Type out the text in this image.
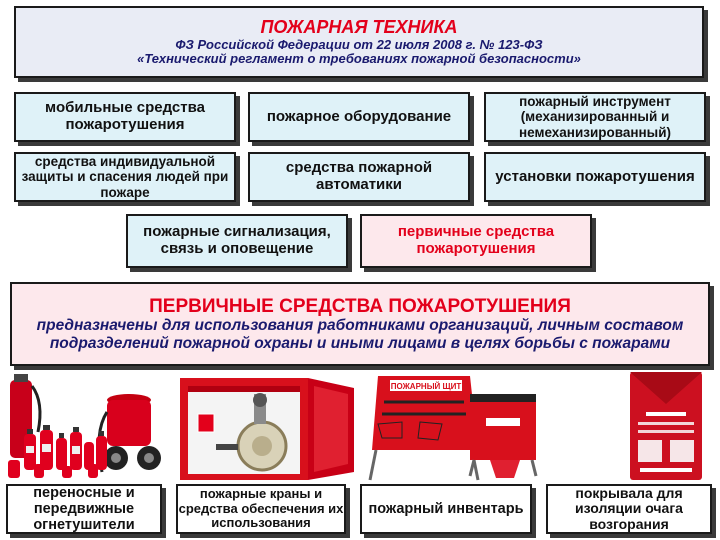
ПОЖАРНАЯ ТЕХНИКА
ФЗ Российской Федерации от 22 июля 2008 г. № 123-ФЗ
«Технический регламент о требованиях пожарной безопасности»
мобильные средства пожаротушения	пожарное оборудование
пожарный инструмент (механизированный и немеханизированный)
средства индивидуальной защиты и спасения людей при пожаре
средства пожарной автоматики	установки пожаротушения
пожарные сигнализация, связь и оповещение
первичные средства пожаротушения
ПЕРВИЧНЫЕ СРЕДСТВА ПОЖАРОТУШЕНИЯ
предназначены для использования работниками организаций, личным составом подразделений пожарной охраны и иными лицами в целях борьбы с пожарами
ПОЖАРНЫЙ ЩИТ
переносные и передвижные огнетушители
пожарные краны и средства обеспечения их использования
пожарный инвентарь
покрывала для изоляции очага возгорания
